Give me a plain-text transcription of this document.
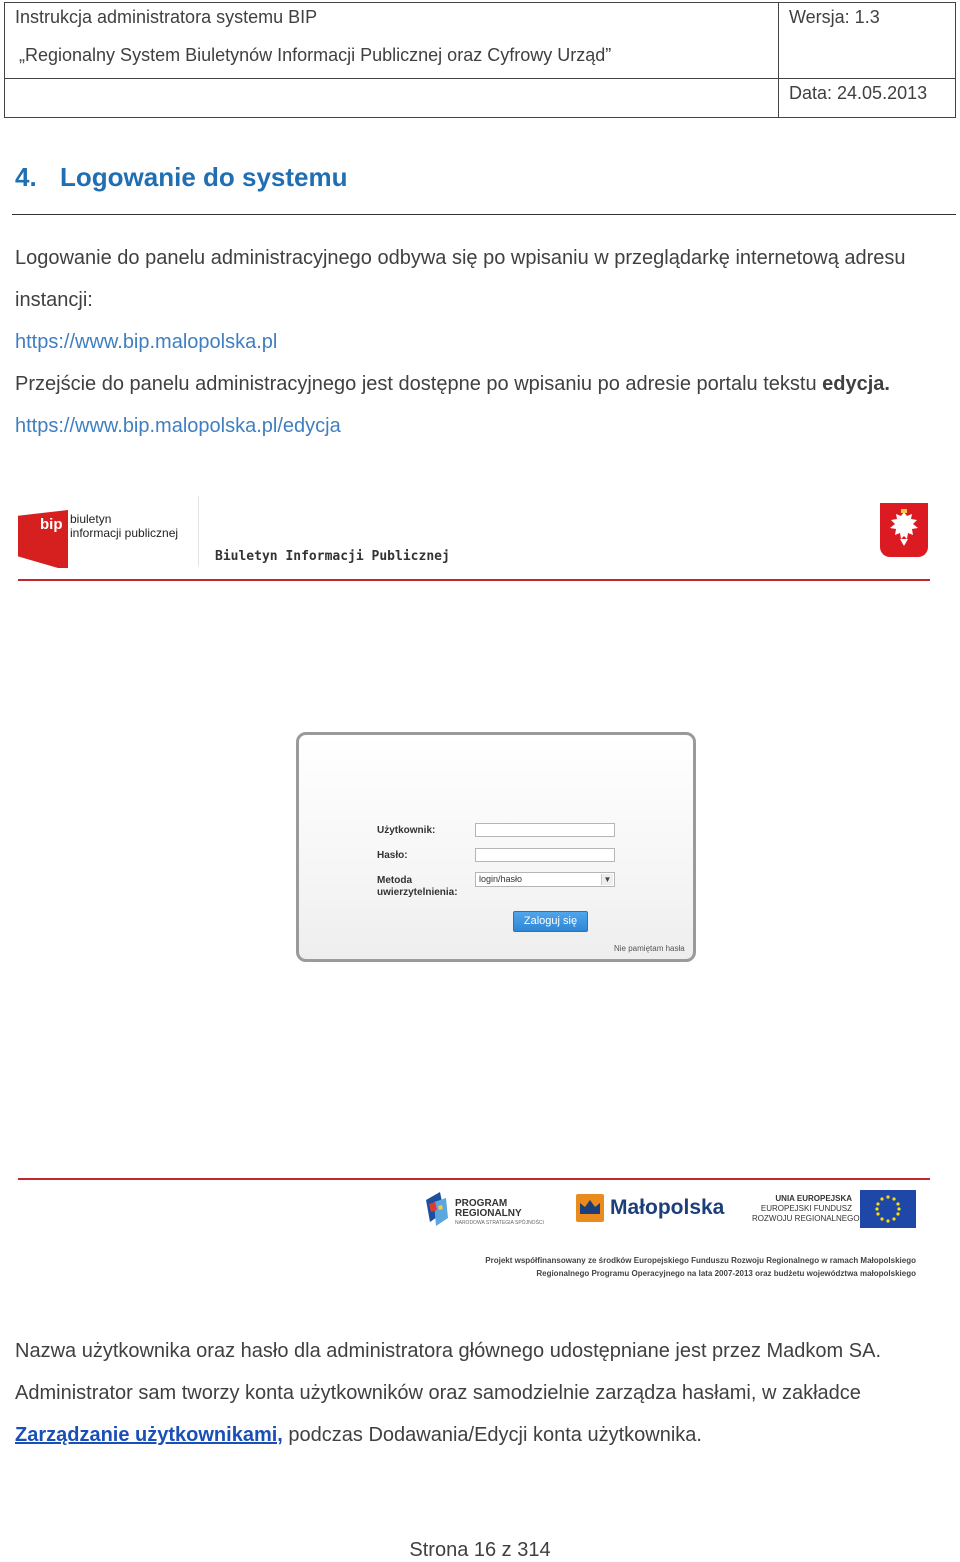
Instrukcja administratora systemu BIP
„Regionalny System Biuletynów Informacji Publicznej oraz Cyfrowy Urząd”
Wersja: 1.3
Data: 24.05.2013
4. Logowanie do systemu
Logowanie do panelu administracyjnego odbywa się po wpisaniu w przeglądarkę internetową adresu
instancji:
https://www.bip.malopolska.pl
Przejście do panelu administracyjnego jest dostępne po wpisaniu po adresie portalu tekstu edycja.
https://www.bip.malopolska.pl/edycja
bip biuletyn
informacji publicznej
Biuletyn Informacji Publicznej
Użytkownik:
Hasło:
Metoda
uwierzytelnienia:
login/hasło	▼
Zaloguj się
Nie pamiętam hasła
PROGRAM
REGIONALNY
NARODOWA STRATEGIA SPÓJNOŚCI
Małopolska	UNIA EUROPEJSKA
EUROPEJSKI FUNDUSZ
ROZWOJU REGIONALNEGO
Projekt współfinansowany ze środków Europejskiego Funduszu Rozwoju Regionalnego w ramach Małopolskiego
Regionalnego Programu Operacyjnego na lata 2007-2013 oraz budżetu województwa małopolskiego
Nazwa użytkownika oraz hasło dla administratora głównego udostępniane jest przez Madkom SA.
Administrator sam tworzy konta użytkowników oraz samodzielnie zarządza hasłami, w zakładce
Zarządzanie użytkownikami, podczas Dodawania/Edycji konta użytkownika.
Strona 16 z 314
